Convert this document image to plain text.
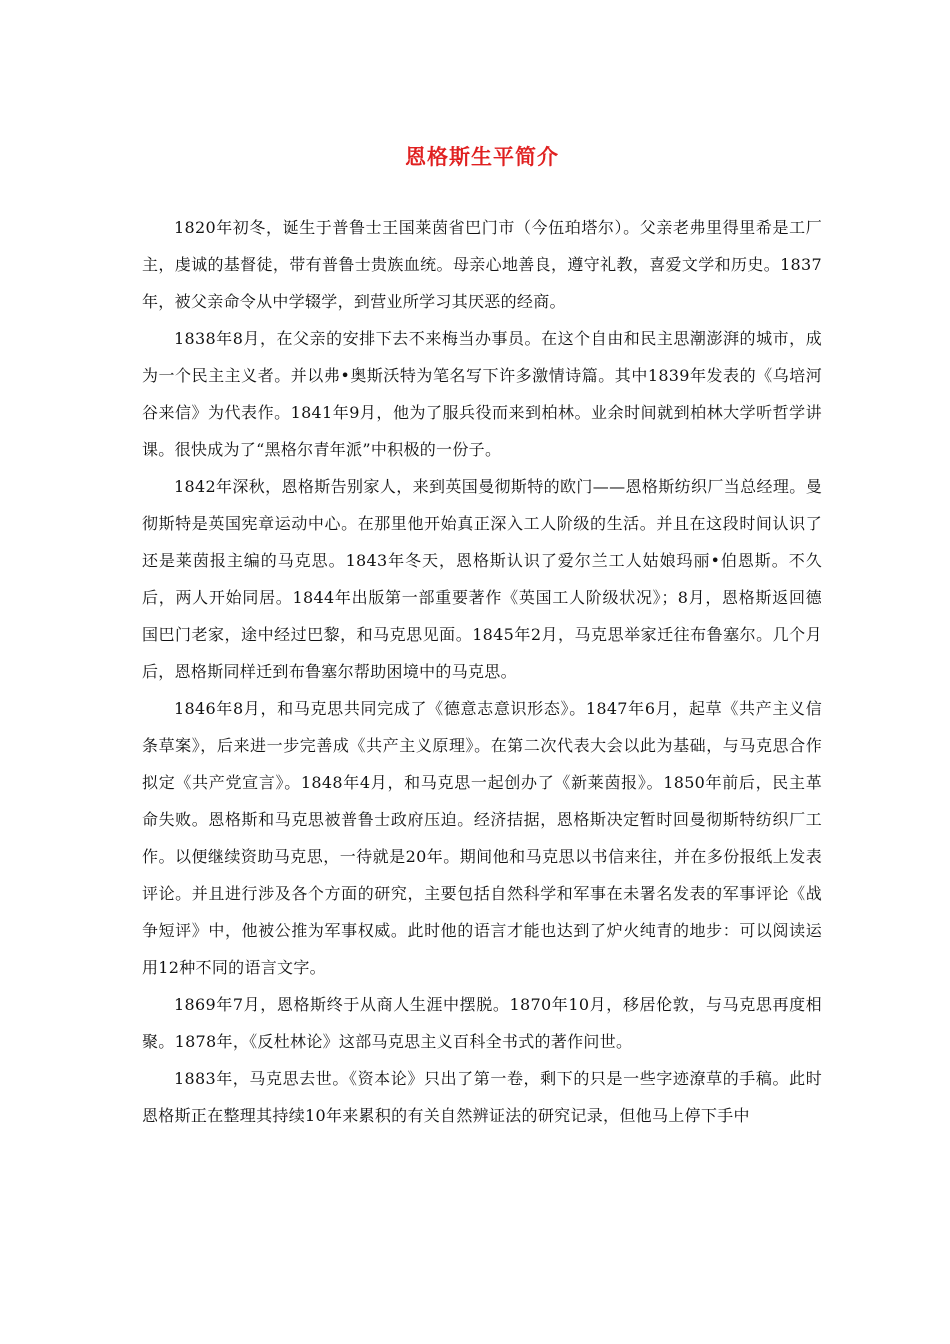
恩格斯生平简介

1820年初冬，诞生于普鲁士王国莱茵省巴门市（今伍珀塔尔）。父亲老弗里得里希是工厂主，虔诚的基督徒，带有普鲁士贵族血统。母亲心地善良，遵守礼教，喜爱文学和历史。1837年，被父亲命令从中学辍学，到营业所学习其厌恶的经商。

1838年8月，在父亲的安排下去不来梅当办事员。在这个自由和民主思潮澎湃的城市，成为一个民主主义者。并以弗•奥斯沃特为笔名写下许多激情诗篇。其中1839年发表的《乌培河谷来信》为代表作。1841年9月，他为了服兵役而来到柏林。业余时间就到柏林大学听哲学讲课。很快成为了“黑格尔青年派”中积极的一份子。

1842年深秋，恩格斯告别家人，来到英国曼彻斯特的欧门——恩格斯纺织厂当总经理。曼彻斯特是英国宪章运动中心。在那里他开始真正深入工人阶级的生活。并且在这段时间认识了还是莱茵报主编的马克思。1843年冬天，恩格斯认识了爱尔兰工人姑娘玛丽•伯恩斯。不久后，两人开始同居。1844年出版第一部重要著作《英国工人阶级状况》；8月，恩格斯返回德国巴门老家，途中经过巴黎，和马克思见面。1845年2月，马克思举家迁往布鲁塞尔。几个月后，恩格斯同样迁到布鲁塞尔帮助困境中的马克思。

1846年8月，和马克思共同完成了《德意志意识形态》。1847年6月，起草《共产主义信条草案》，后来进一步完善成《共产主义原理》。在第二次代表大会以此为基础，与马克思合作拟定《共产党宣言》。1848年4月，和马克思一起创办了《新莱茵报》。1850年前后，民主革命失败。恩格斯和马克思被普鲁士政府压迫。经济拮据，恩格斯决定暂时回曼彻斯特纺织厂工作。以便继续资助马克思，一待就是20年。期间他和马克思以书信来往，并在多份报纸上发表评论。并且进行涉及各个方面的研究，主要包括自然科学和军事在未署名发表的军事评论《战争短评》中，他被公推为军事权威。此时他的语言才能也达到了炉火纯青的地步：可以阅读运用12种不同的语言文字。

1869年7月，恩格斯终于从商人生涯中摆脱。1870年10月，移居伦敦，与马克思再度相聚。1878年，《反杜林论》这部马克思主义百科全书式的著作问世。

1883年，马克思去世。《资本论》只出了第一卷，剩下的只是一些字迹潦草的手稿。此时恩格斯正在整理其持续10年来累积的有关自然辨证法的研究记录，但他马上停下手中
